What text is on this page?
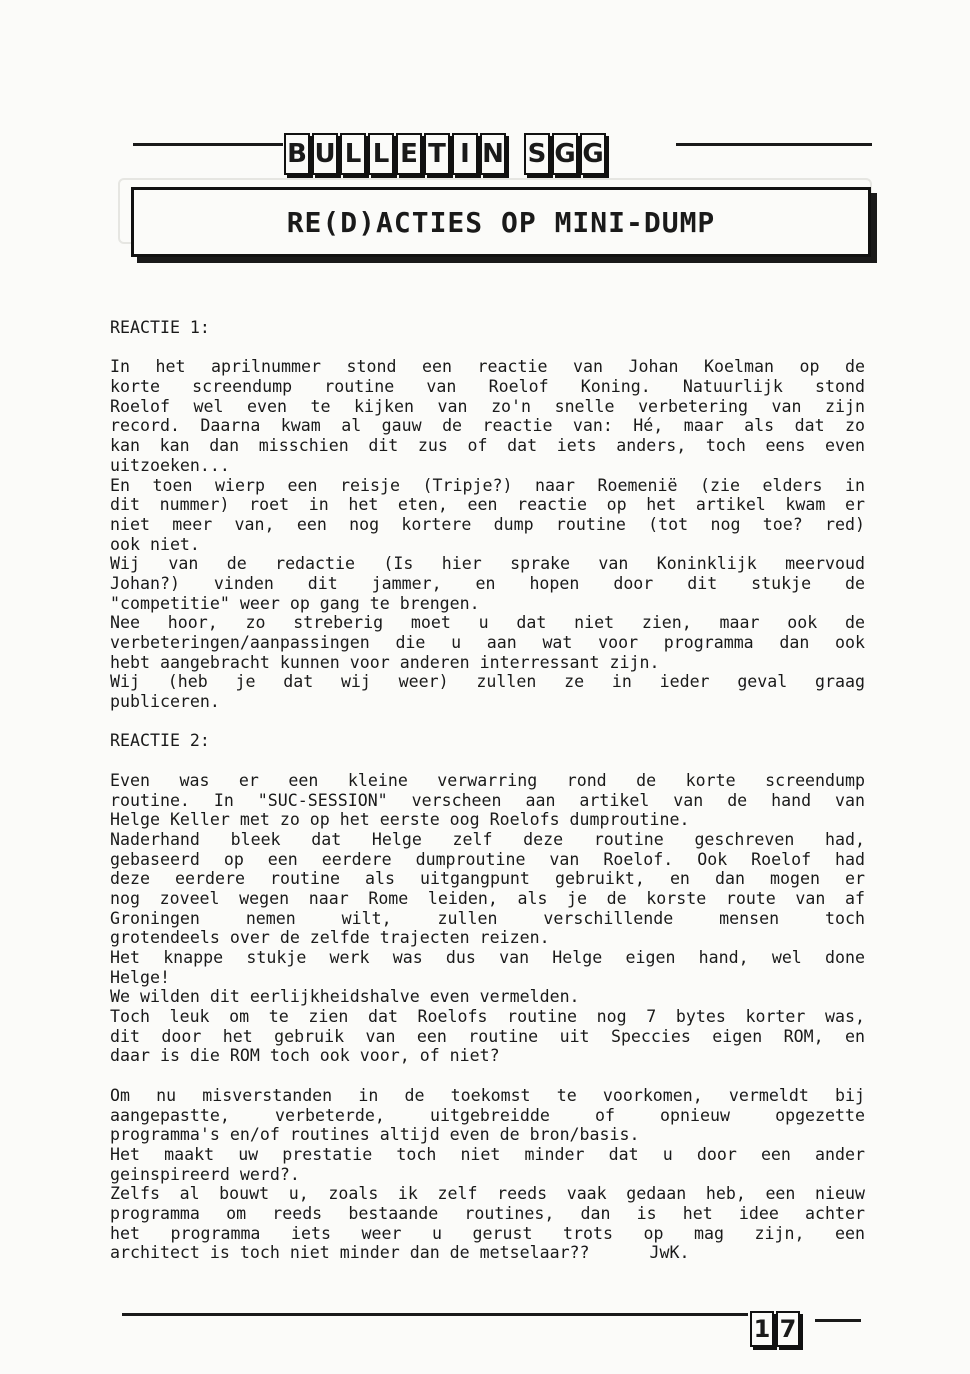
B U L L E T I N S G G
RE(D)ACTIES OP MINI-DUMP
REACTIE 1:
In het aprilnummer stond een reactie van Johan Koelman op de
korte screendump routine van Roelof Koning. Natuurlijk stond
Roelof wel even te kijken van zo'n snelle verbetering van zijn
record. Daarna kwam al gauw de reactie van: Hé, maar als dat zo
kan kan dan misschien dit zus of dat iets anders, toch eens even
uitzoeken...
En toen wierp een reisje (Tripje?) naar Roemenië (zie elders in
dit nummer) roet in het eten, een reactie op het artikel kwam er
niet meer van, een nog kortere dump routine (tot nog toe? red)
ook niet.
Wij van de redactie (Is hier sprake van Koninklijk meervoud
Johan?) vinden dit jammer, en hopen door dit stukje de
"competitie" weer op gang te brengen.
Nee hoor, zo streberig moet u dat niet zien, maar ook de
verbeteringen/aanpassingen die u aan wat voor programma dan ook
hebt aangebracht kunnen voor anderen interressant zijn.
Wij (heb je dat wij weer) zullen ze in ieder geval graag
publiceren.
REACTIE 2:
Even was er een kleine verwarring rond de korte screendump
routine. In "SUC-SESSION" verscheen aan artikel van de hand van
Helge Keller met zo op het eerste oog Roelofs dumproutine.
Naderhand bleek dat Helge zelf deze routine geschreven had,
gebaseerd op een eerdere dumproutine van Roelof. Ook Roelof had
deze eerdere routine als uitgangpunt gebruikt, en dan mogen er
nog zoveel wegen naar Rome leiden, als je de korste route van af
Groningen nemen wilt, zullen verschillende mensen toch
grotendeels over de zelfde trajecten reizen.
Het knappe stukje werk was dus van Helge eigen hand, wel done
Helge!
We wilden dit eerlijkheidshalve even vermelden.
Toch leuk om te zien dat Roelofs routine nog 7 bytes korter was,
dit door het gebruik van een routine uit Speccies eigen ROM, en
daar is die ROM toch ook voor, of niet?
Om nu misverstanden in de toekomst te voorkomen, vermeldt bij
aangepastte, verbeterde, uitgebreidde of opnieuw opgezette
programma's en/of routines altijd even de bron/basis.
Het maakt uw prestatie toch niet minder dat u door een ander
geinspireerd werd?.
Zelfs al bouwt u, zoals ik zelf reeds vaak gedaan heb, een nieuw
programma om reeds bestaande routines, dan is het idee achter
het programma iets weer u gerust trots op mag zijn, een
architect is toch niet minder dan de metselaar??      JwK.
1 7
